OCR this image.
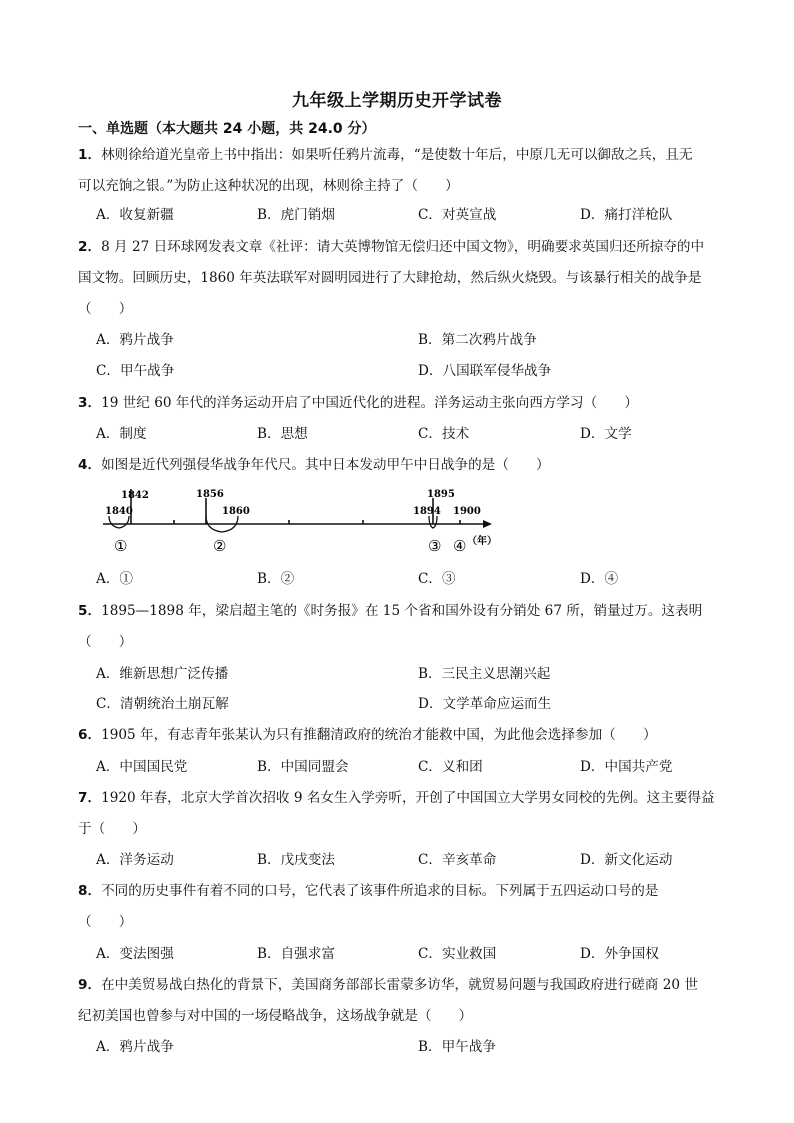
九年级上学期历史开学试卷
一、单选题（本大题共 24 小题，共 24.0 分）
1．林则徐给道光皇帝上书中指出：如果听任鸦片流毒，“是使数十年后，中原几无可以御敌之兵，且无
可以充饷之银。”为防止这种状况的出现，林则徐主持了（　　）
A．收复新疆	B．虎门销烟	C．对英宣战	D．痛打洋枪队
2．8 月 27 日环球网发表文章《社评：请大英博物馆无偿归还中国文物》，明确要求英国归还所掠夺的中
国文物。回顾历史，1860 年英法联军对圆明园进行了大肆抢劫，然后纵火烧毁。与该暴行相关的战争是
（　　）
A．鸦片战争	B．第二次鸦片战争
C．甲午战争	D．八国联军侵华战争
3．19 世纪 60 年代的洋务运动开启了中国近代化的进程。洋务运动主张向西方学习（　　）
A．制度	B．思想	C．技术	D．文学
4．如图是近代列强侵华战争年代尺。其中日本发动甲午中日战争的是（　　）
1842	1856	1895
1840	1860	1894 1900
①	②	③ ④ （年）
A．①	B．②	C．③	D．④
5．1895—1898 年，梁启超主笔的《时务报》在 15 个省和国外设有分销处 67 所，销量过万。这表明
（　　）
A．维新思想广泛传播	B．三民主义思潮兴起
C．清朝统治土崩瓦解	D．文学革命应运而生
6．1905 年，有志青年张某认为只有推翻清政府的统治才能救中国，为此他会选择参加（　　）
A．中国国民党	B．中国同盟会	C．义和团	D．中国共产党
7．1920 年春，北京大学首次招收 9 名女生入学旁听，开创了中国国立大学男女同校的先例。这主要得益
于（　　）
A．洋务运动	B．戊戌变法	C．辛亥革命	D．新文化运动
8．不同的历史事件有着不同的口号，它代表了该事件所追求的目标。下列属于五四运动口号的是
（　　）
A．变法图强	B．自强求富	C．实业救国	D．外争国权
9．在中美贸易战白热化的背景下，美国商务部部长雷蒙多访华，就贸易问题与我国政府进行磋商 20 世
纪初美国也曾参与对中国的一场侵略战争，这场战争就是（　　）
A．鸦片战争	B．甲午战争
